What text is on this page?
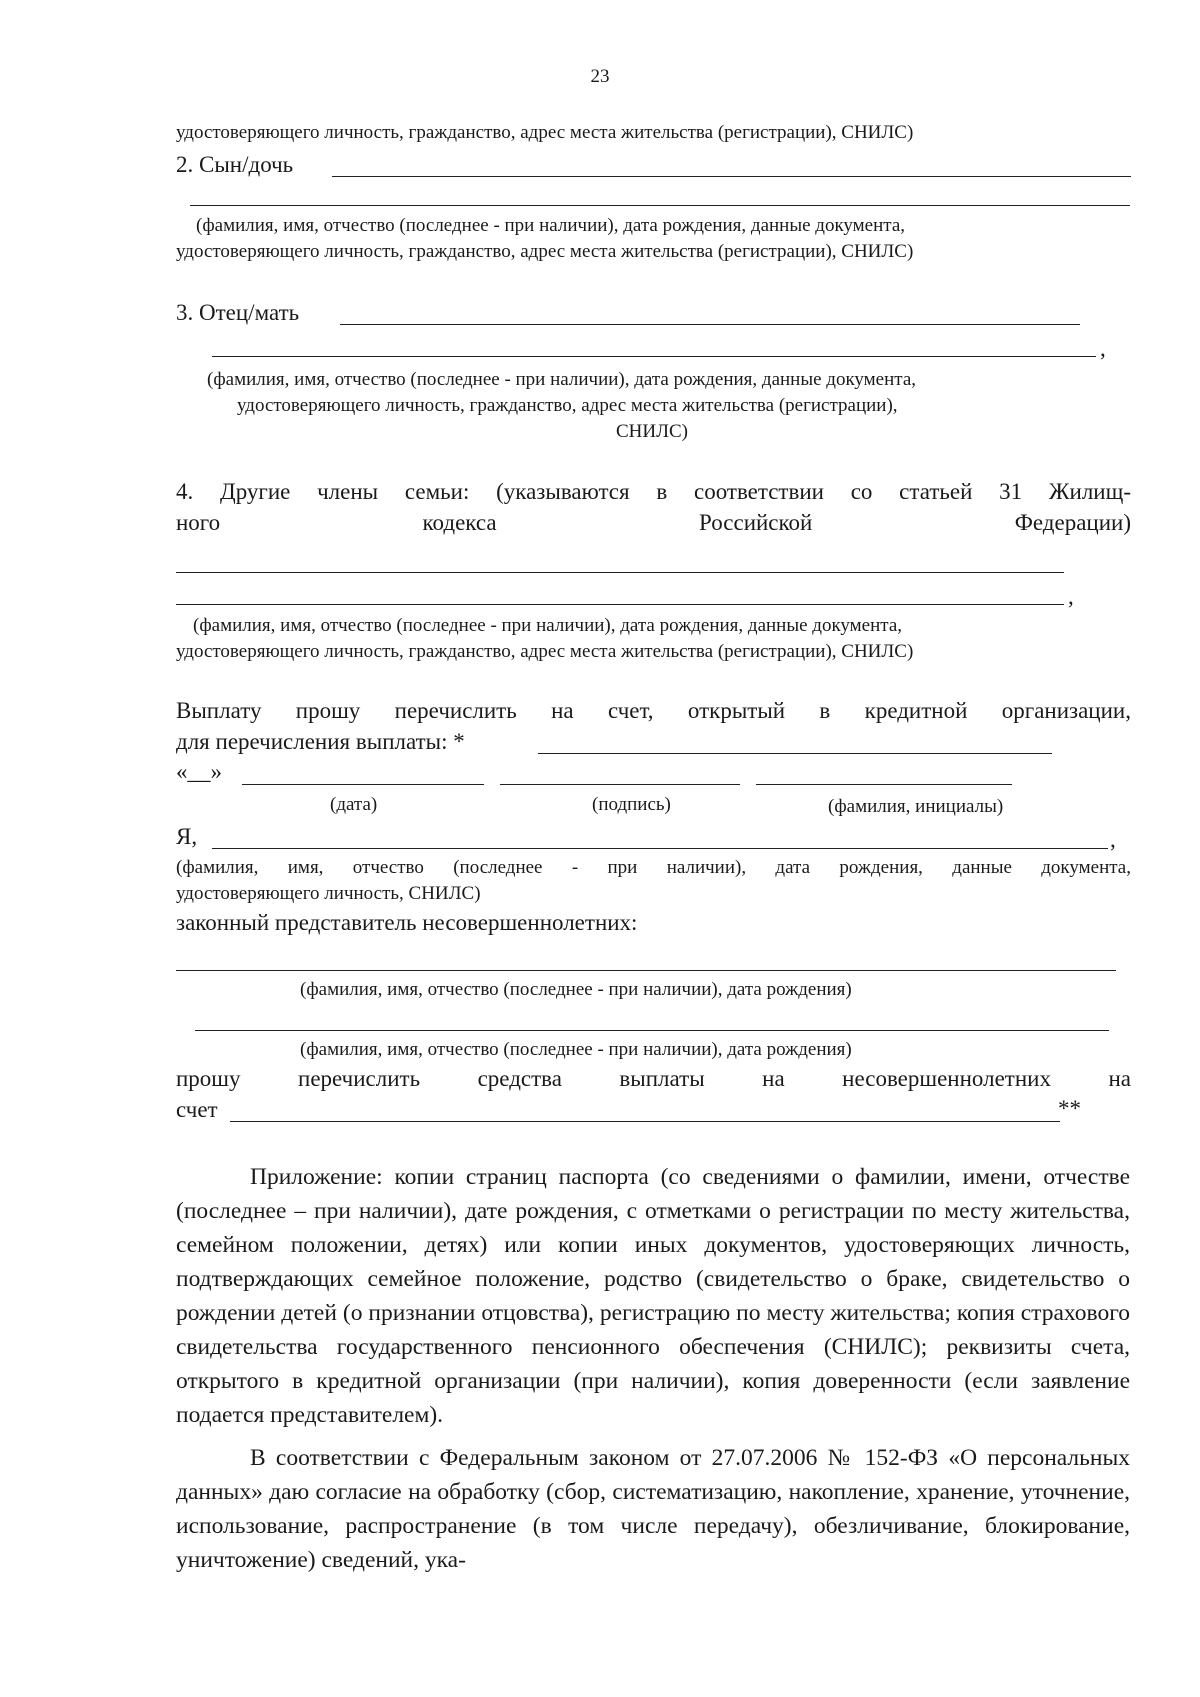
23
удостоверяющего личность, гражданство, адрес места жительства (регистрации), СНИЛС)
2. Сын/дочь
(фамилия, имя, отчество (последнее - при наличии), дата рождения, данные документа,
удостоверяющего личность, гражданство, адрес места жительства (регистрации), СНИЛС)
3. Отец/мать
,
(фамилия, имя, отчество (последнее - при наличии), дата рождения, данные документа,
удостоверяющего личность, гражданство, адрес места жительства (регистрации),
СНИЛС)
4. Другие члены семьи: (указываются в соответствии со статьей 31 Жилищ-
ного кодекса Российской Федерации)
,
(фамилия, имя, отчество (последнее - при наличии), дата рождения, данные документа,
удостоверяющего личность, гражданство, адрес места жительства (регистрации), СНИЛС)
Выплату прошу перечислить на счет, открытый в кредитной организации,
для перечисления выплаты: *
«__»
(дата)	(подпись)	(фамилия, инициалы)
Я,	,
(фамилия, имя, отчество (последнее - при наличии), дата рождения, данные документа,
удостоверяющего личность, СНИЛС)
законный представитель несовершеннолетних:
(фамилия, имя, отчество (последнее - при наличии), дата рождения)
(фамилия, имя, отчество (последнее - при наличии), дата рождения)
прошу перечислить средства выплаты на несовершеннолетних на
счет	**

Приложение: копии страниц паспорта (со сведениями о фамилии, имени, отчестве (последнее – при наличии), дате рождения, с отметками о регистрации по месту жительства, семейном положении, детях) или копии иных документов, удостоверяющих личность, подтверждающих семейное положение, родство (свидетельство о браке, свидетельство о рождении детей (о признании отцовства), регистрацию по месту жительства; копия страхового свидетельства государственного пенсионного обеспечения (СНИЛС); реквизиты счета, открытого в кредитной организации (при наличии), копия доверенности (если заявление подается представителем).

В соответствии с Федеральным законом от 27.07.2006 № 152-ФЗ «О персональных данных» даю согласие на обработку (сбор, систематизацию, накопление, хранение, уточнение, использование, распространение (в том числе передачу), обезличивание, блокирование, уничтожение) сведений, ука-
